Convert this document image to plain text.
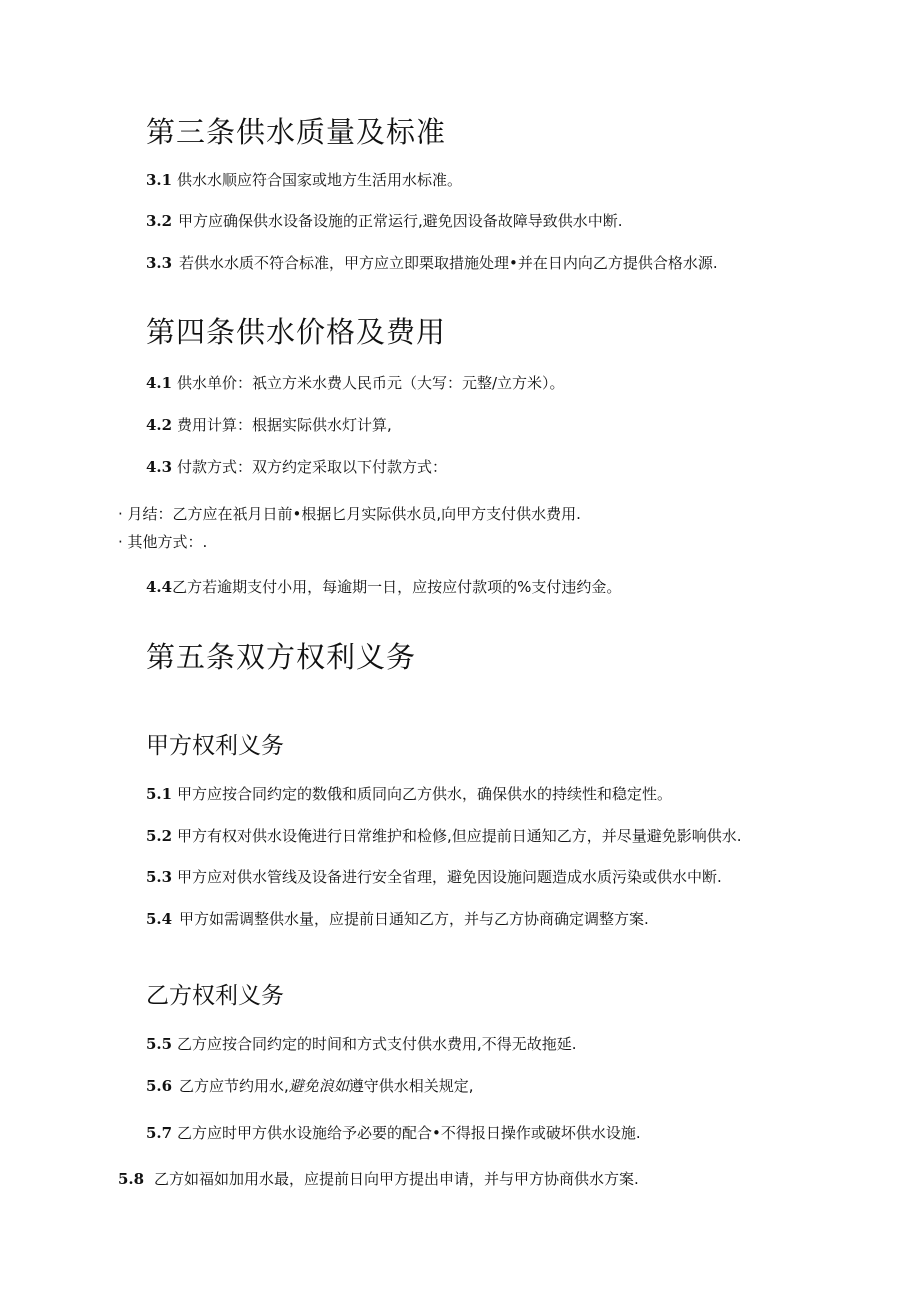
第三条供水质量及标准
3.1 供水水顺应符合国家或地方生活用水标准。
3.2 甲方应确保供水设备设施的正常运行,避免因设备故障导致供水中断.
3.3 若供水水质不符合标准，甲方应立即栗取措施处理•并在日内向乙方提供合格水源.
第四条供水价格及费用
4.1 供水单价：祇立方米水费人民币元（大写：元整/立方米）。
4.2 费用计算：根据实际供水灯计算,
4.3 付款方式：双方约定采取以下付款方式：
· 月结：乙方应在祇月日前•根据匕月实际供水员,向甲方支付供水费用.
· 其他方式：.
4.4乙方若逾期支付小用，每逾期一日，应按应付款项的%支付违约金。
第五条双方权利义务
甲方权利义务
5.1 甲方应按合同约定的数俄和质同向乙方供水，确保供水的持续性和稳定性。
5.2 甲方有权对供水设俺进行日常维护和检修,但应提前日通知乙方，并尽量避免影响供水.
5.3 甲方应对供水管线及设备进行安全省理，避免因设施问题造成水质污染或供水中断.
5.4 甲方如需调整供水量，应提前日通知乙方，并与乙方协商确定调整方案.
乙方权利义务
5.5 乙方应按合同约定的时间和方式支付供水费用,不得无故拖延.
5.6 乙方应节约用水,避免浪如遵守供水相关规定,
5.7 乙方应时甲方供水设施给予必要的配合•不得报日操作或破坏供水设施.
5.8 乙方如福如加用水最，应提前日向甲方提出申请，并与甲方协商供水方案.
